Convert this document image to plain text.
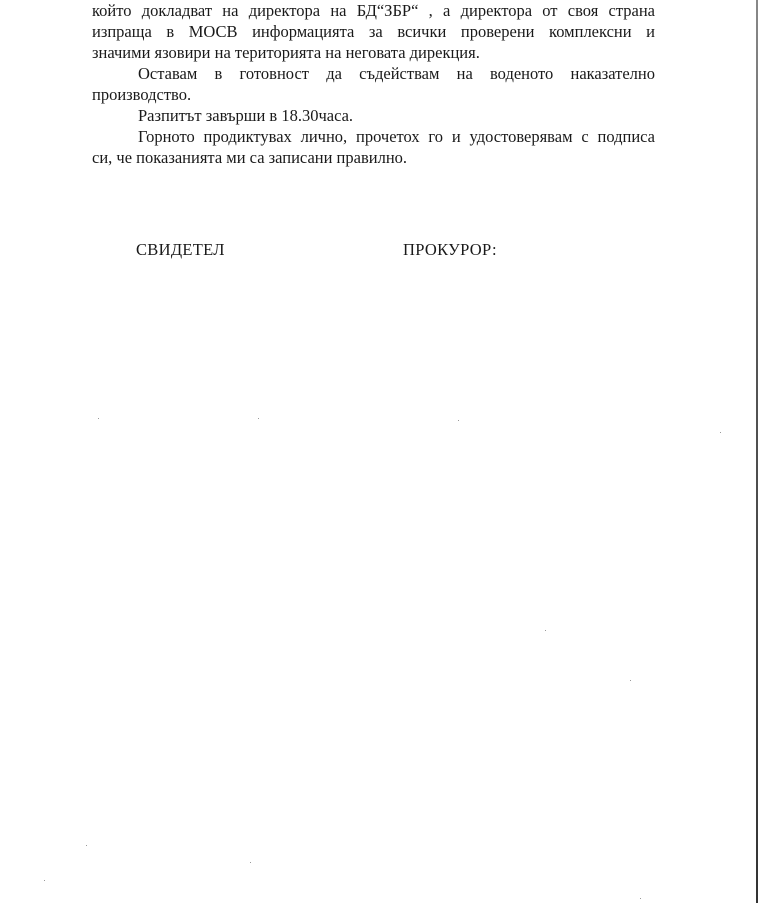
който докладват на директора на БД“ЗБР“ , а директора от своя страна
изпраща в МОСВ информацията за всички проверени комплексни и
значими язовири на територията на неговата дирекция.

Оставам в готовност да съдействам на воденото наказателно
производство.

Разпитът завърши в 18.30часа.

Горното продиктувах лично, прочетох го и удостоверявам с подписа
си, че показанията ми са записани правилно.

СВИДЕТЕЛ	ПРОКУРОР:
